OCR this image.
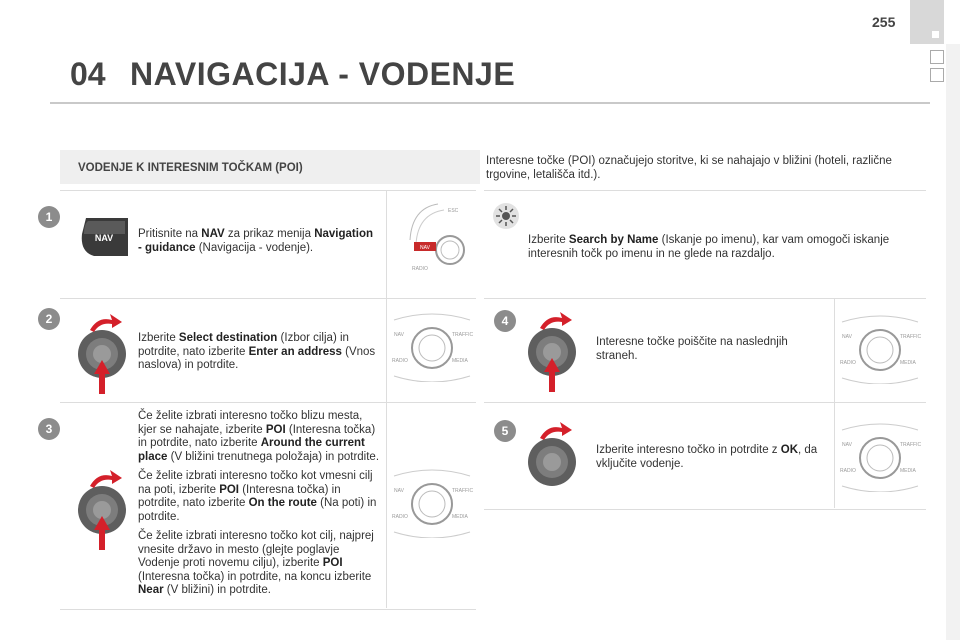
255
04 NAVIGACIJA - VODENJE
VODENJE K INTERESNIM TOČKAM (POI)
Interesne točke (POI) označujejo storitve, ki se nahajajo v bližini (hoteli, različne trgovine, letališča itd.).
1
2
3
4
5
NAV Pritisnite na NAV za prikaz menija Navigation - guidance (Navigacija - vodenje).	NAV
ESC
RADIO
Izberite Select destination (Izbor cilja) in potrdite, nato izberite Enter an address (Vnos naslova) in potrdite.
NAV	TRAFFIC
RADIO	MEDIA

Če želite izbrati interesno točko blizu mesta, kjer se nahajate, izberite POI (Interesna točka) in potrdite, nato izberite Around the current place (V bližini trenutnega položaja) in potrdite.

Če želite izbrati interesno točko kot vmesni cilj na poti, izberite POI (Interesna točka) in potrdite, nato izberite On the route (Na poti) in potrdite.

Če želite izbrati interesno točko kot cilj, najprej vnesite državo in mesto (glejte poglavje Vodenje proti novemu cilju), izberite POI (Interesna točka) in potrdite, na koncu izberite Near (V bližini) in potrdite.

NAV	TRAFFIC
RADIO	MEDIA
Izberite Search by Name (Iskanje po imenu), kar vam omogoči iskanje interesnih točk po imenu in ne glede na razdaljo.
Interesne točke poiščite na naslednjih straneh.
NAV	TRAFFIC
RADIO	MEDIA
Izberite interesno točko in potrdite z OK, da vključite vodenje.
NAV	TRAFFIC
RADIO	MEDIA
